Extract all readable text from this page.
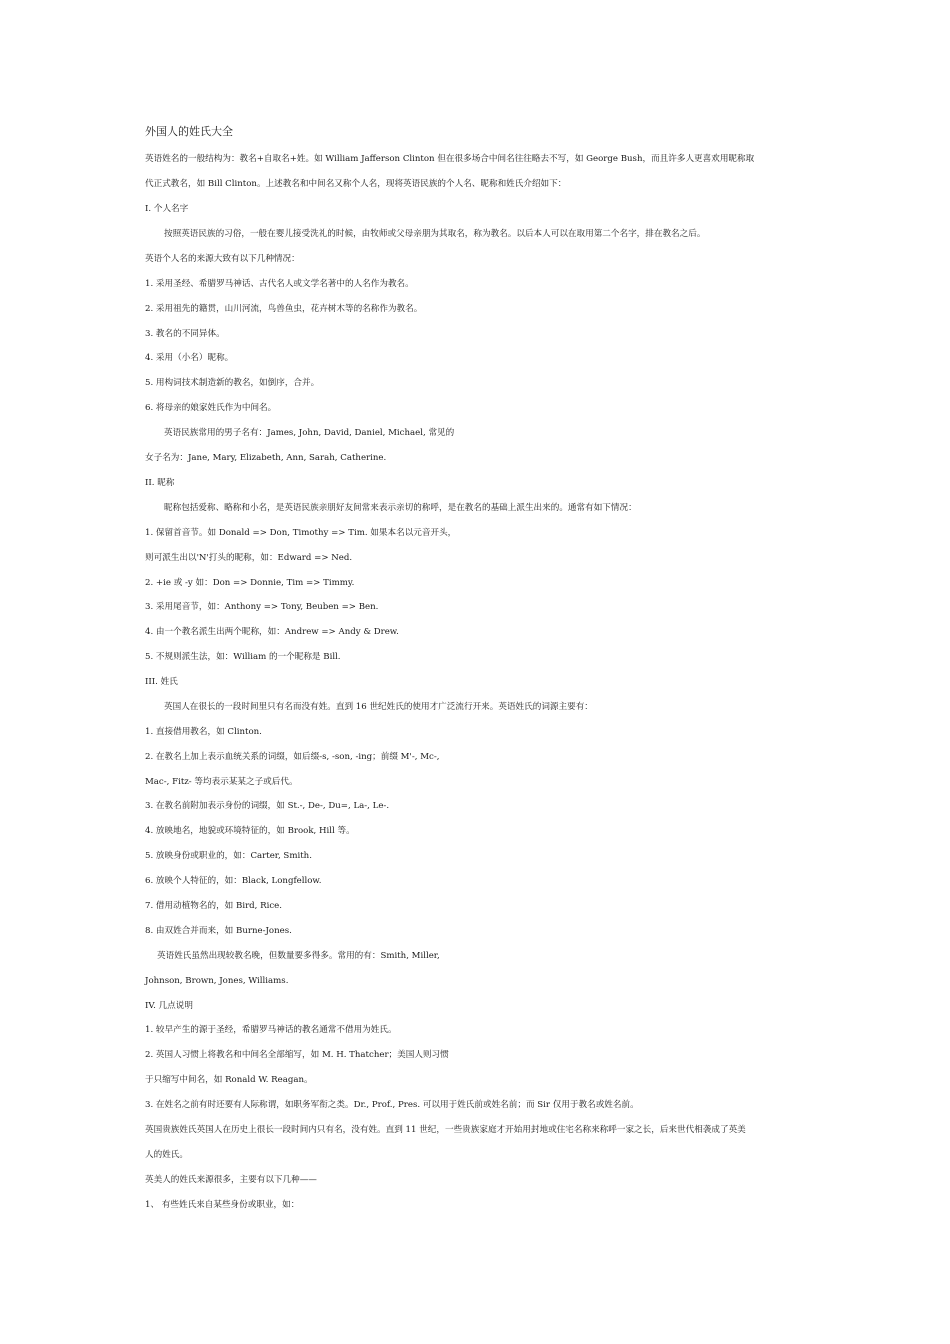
外国人的姓氏大全
英语姓名的一般结构为：教名+自取名+姓。如 William Jafferson Clinton 但在很多场合中间名往往略去不写，如 George Bush，而且许多人更喜欢用昵称取
代正式教名，如 Bill Clinton。上述教名和中间名又称个人名，现将英语民族的个人名、昵称和姓氏介绍如下：
I. 个人名字
按照英语民族的习俗，一般在婴儿接受洗礼的时候，由牧师或父母亲朋为其取名，称为教名。以后本人可以在取用第二个名字，排在教名之后。
英语个人名的来源大致有以下几种情况：
1. 采用圣经、希腊罗马神话、古代名人或文学名著中的人名作为教名。
2. 采用祖先的籍贯，山川河流，鸟兽鱼虫，花卉树木等的名称作为教名。
3. 教名的不同异体。
4. 采用（小名）昵称。
5. 用构词技术制造新的教名，如倒序，合并。
6. 将母亲的娘家姓氏作为中间名。
英语民族常用的男子名有：James, John, David, Daniel, Michael, 常见的
女子名为：Jane, Mary, Elizabeth, Ann, Sarah, Catherine.
II. 昵称
昵称包括爱称、略称和小名，是英语民族亲朋好友间常来表示亲切的称呼，是在教名的基础上派生出来的。通常有如下情况：
1. 保留首音节。如 Donald => Don, Timothy => Tim. 如果本名以元音开头，
则可派生出以'N'打头的昵称，如：Edward => Ned.
2. +ie 或 -y 如：Don => Donnie, Tim => Timmy.
3. 采用尾音节，如：Anthony => Tony, Beuben => Ben.
4. 由一个教名派生出两个昵称，如：Andrew => Andy & Drew.
5. 不规则派生法，如：William 的一个昵称是 Bill.
III. 姓氏
英国人在很长的一段时间里只有名而没有姓。直到 16 世纪姓氏的使用才广泛流行开来。英语姓氏的词源主要有：
1. 直接借用教名，如 Clinton.
2. 在教名上加上表示血统关系的词缀，如后缀-s, -son, -ing；前缀 M'-, Mc-,
Mac-, Fitz- 等均表示某某之子或后代。
3. 在教名前附加表示身份的词缀，如 St.-, De-, Du=, La-, Le-.
4. 放映地名，地貌或环境特征的，如 Brook, Hill 等。
5. 放映身份或职业的，如：Carter, Smith.
6. 放映个人特征的，如：Black, Longfellow.
7. 借用动植物名的，如 Bird, Rice.
8. 由双姓合并而来，如 Burne-Jones.
英语姓氏虽然出现较教名晚，但数量要多得多。常用的有：Smith, Miller,
Johnson, Brown, Jones, Williams.
IV. 几点说明
1. 较早产生的源于圣经，希腊罗马神话的教名通常不借用为姓氏。
2. 英国人习惯上将教名和中间名全部缩写，如 M. H. Thatcher；美国人则习惯
于只缩写中间名，如 Ronald W. Reagan。
3. 在姓名之前有时还要有人际称谓，如职务军衔之类。Dr., Prof., Pres. 可以用于姓氏前或姓名前；而 Sir 仅用于教名或姓名前。
英国贵族姓氏英国人在历史上很长一段时间内只有名，没有姓。直到 11 世纪，一些贵族家庭才开始用封地或住宅名称来称呼一家之长，后来世代相袭成了英美
人的姓氏。
英美人的姓氏来源很多，主要有以下几种——
1、 有些姓氏来自某些身份或职业，如：
